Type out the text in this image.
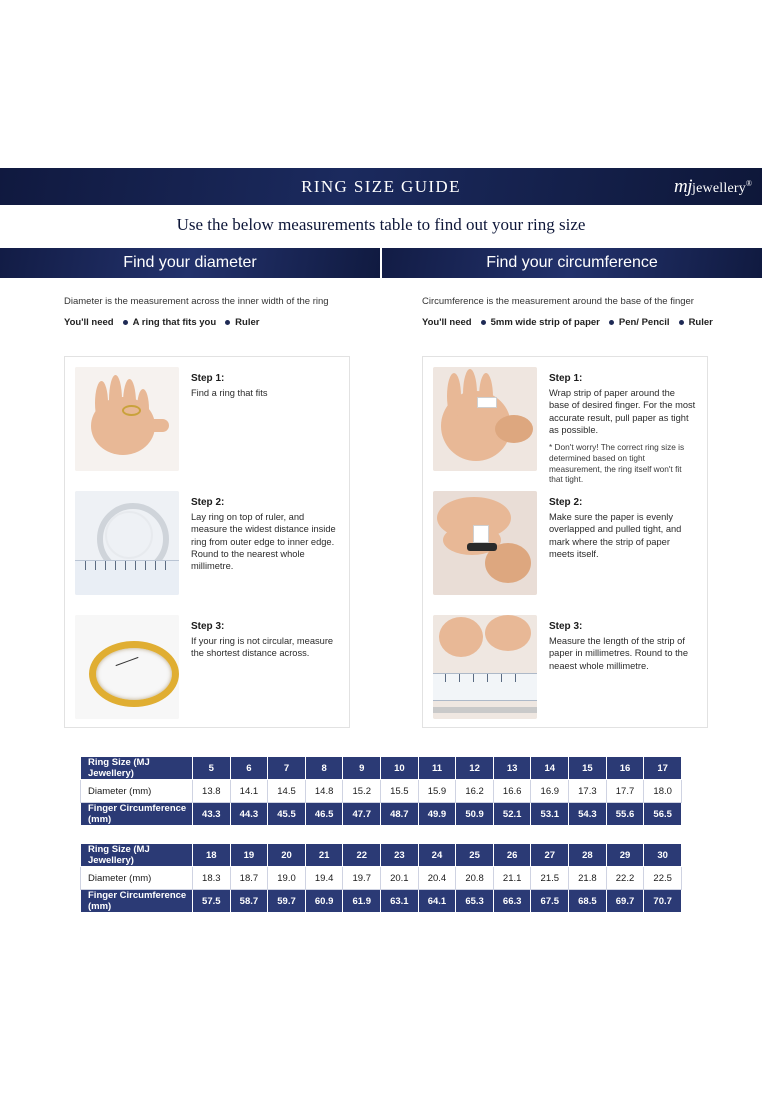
RING SIZE GUIDE	mjjewellery®
Use the below measurements table to find out your ring size
Find your diameter	Find your circumference

Diameter is the measurement across the inner width of the ring

You'll need A ring that fits you Ruler
Step 1:
Find a ring that fits
Step 2:
Lay ring on top of ruler, and measure the widest distance inside ring from outer edge to inner edge. Round to the nearest whole millimetre.
Step 3:
If your ring is not circular, measure the shortest distance across.

Circumference is the measurement around the base of the finger

You'll need 5mm wide strip of paper Pen/ Pencil Ruler
Step 1:
Wrap strip of paper around the base of desired finger. For the most accurate result, pull paper as tight as possible.
* Don't worry! The correct ring size is determined based on tight measurement, the ring itself won't fit that tight.
Step 2:
Make sure the paper is evenly overlapped and pulled tight, and mark where the strip of paper meets itself.
Step 3:
Measure the length of the strip of paper in millimetres. Round to the neaest whole millimetre.
Ring Size (MJ Jewellery)	5	6	7	8	9	10	11	12	13	14	15	16	17
Diameter (mm)	13.8	14.1	14.5	14.8	15.2	15.5	15.9	16.2	16.6	16.9	17.3	17.7	18.0
Finger Circumference (mm)	43.3	44.3	45.5	46.5	47.7	48.7	49.9	50.9	52.1	53.1	54.3	55.6	56.5
Ring Size (MJ Jewellery)	18	19	20	21	22	23	24	25	26	27	28	29	30
Diameter (mm)	18.3	18.7	19.0	19.4	19.7	20.1	20.4	20.8	21.1	21.5	21.8	22.2	22.5
Finger Circumference (mm)	57.5	58.7	59.7	60.9	61.9	63.1	64.1	65.3	66.3	67.5	68.5	69.7	70.7
